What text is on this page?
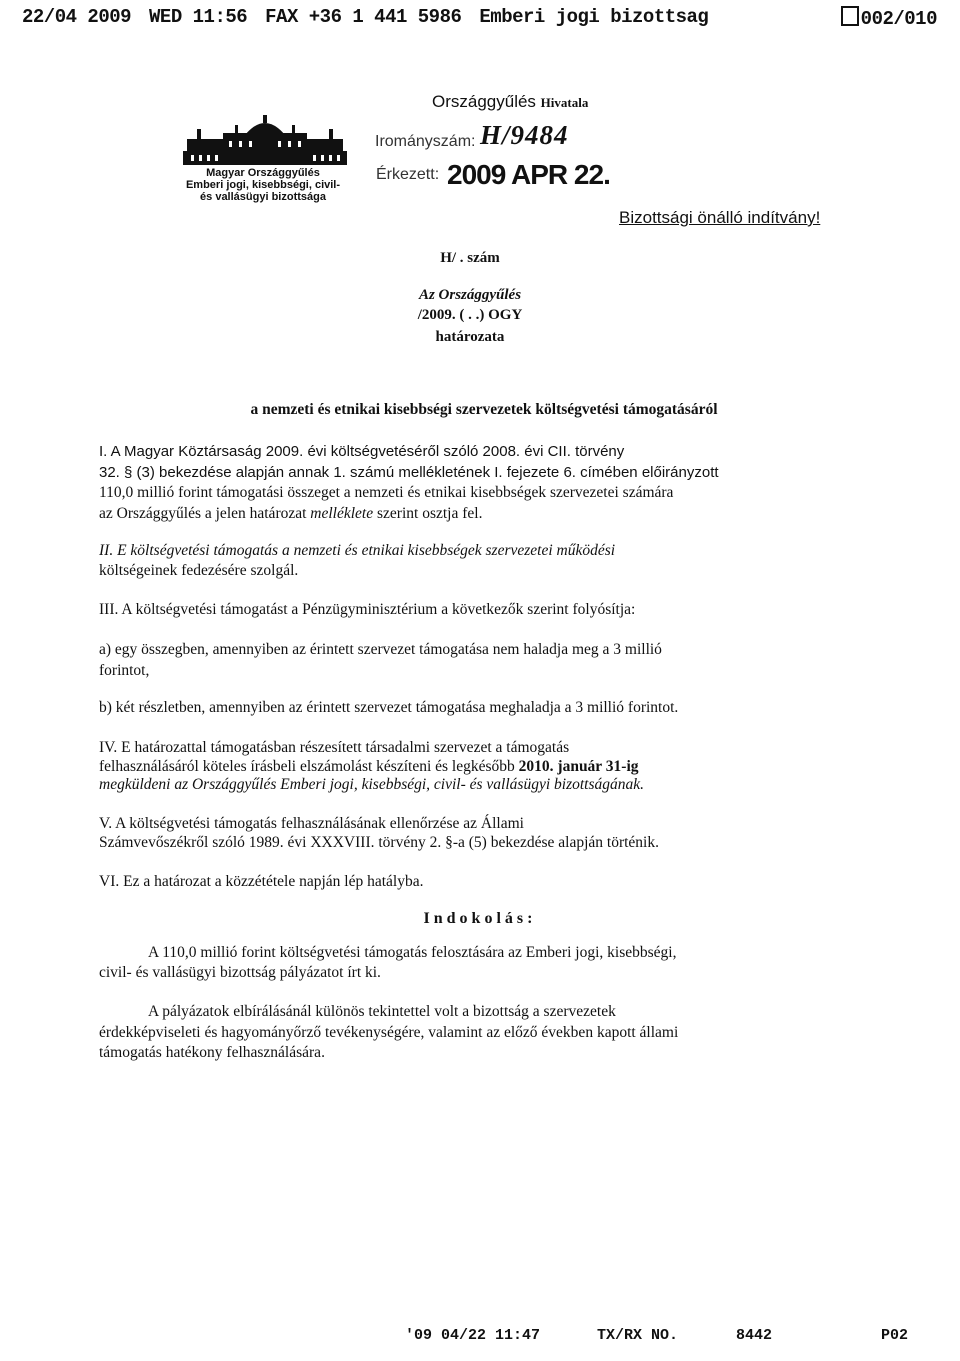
22/04 2009 WED 11:56 FAX +36 1 441 5986 Emberi jogi bizottsag	002/010
Magyar Országgyűlés
Emberi jogi, kisebbségi, civil-
és vallásügyi bizottsága
Országgyűlés Hivatala
Irományszám: H/9484
Érkezett: 2009 APR 22.
Bizottsági önálló indítvány!
H/ . szám
Az Országgyűlés
/2009. ( . .) OGY
határozata
a nemzeti és etnikai kisebbségi szervezetek költségvetési támogatásáról
I. A Magyar Köztársaság 2009. évi költségvetéséről szóló 2008. évi CII. törvény
32. § (3) bekezdése alapján annak 1. számú mellékletének I. fejezete 6. címében előirányzott
110,0 millió forint támogatási összeget a nemzeti és etnikai kisebbségek szervezetei számára
az Országgyűlés a jelen határozat melléklete szerint osztja fel.
II. E költségvetési támogatás a nemzeti és etnikai kisebbségek szervezetei működési
költségeinek fedezésére szolgál.
III. A költségvetési támogatást a Pénzügyminisztérium a következők szerint folyósítja:
a) egy összegben, amennyiben az érintett szervezet támogatása nem haladja meg a 3 millió
forintot,
b) két részletben, amennyiben az érintett szervezet támogatása meghaladja a 3 millió forintot.
IV. E határozattal támogatásban részesített társadalmi szervezet a támogatás
felhasználásáról köteles írásbeli elszámolást készíteni és legkésőbb 2010. január 31-ig
megküldeni az Országgyűlés Emberi jogi, kisebbségi, civil- és vallásügyi bizottságának.
V. A költségvetési támogatás felhasználásának ellenőrzése az Állami
Számvevőszékről szóló 1989. évi XXXVIII. törvény 2. §-a (5) bekezdése alapján történik.
VI. Ez a határozat a közzététele napján lép hatályba.
Indokolás:
A 110,0 millió forint költségvetési támogatás felosztására az Emberi jogi, kisebbségi,
civil- és vallásügyi bizottság pályázatot írt ki.
A pályázatok elbírálásánál különös tekintettel volt a bizottság a szervezetek
érdekképviseleti és hagyományőrző tevékenységére, valamint az előző években kapott állami
támogatás hatékony felhasználására.
'09 04/22 11:47	TX/RX NO.	8442	P02
